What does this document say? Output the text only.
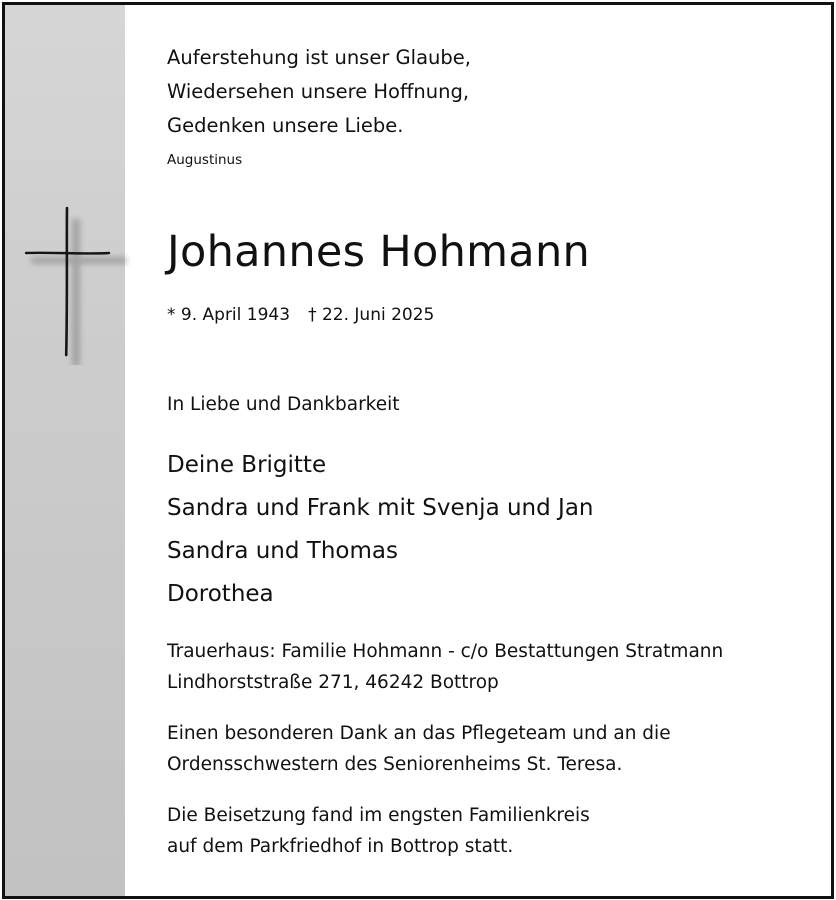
Auferstehung ist unser Glaube,
Wiedersehen unsere Hoffnung,
Gedenken unsere Liebe.
Augustinus
Johannes Hohmann
* 9. April 1943 † 22. Juni 2025
In Liebe und Dankbarkeit
Deine Brigitte
Sandra und Frank mit Svenja und Jan
Sandra und Thomas
Dorothea
Trauerhaus: Familie Hohmann - c/o Bestattungen Stratmann
Lindhorststraße 271, 46242 Bottrop
Einen besonderen Dank an das Pflegeteam und an die
Ordensschwestern des Seniorenheims St. Teresa.
Die Beisetzung fand im engsten Familienkreis
auf dem Parkfriedhof in Bottrop statt.
